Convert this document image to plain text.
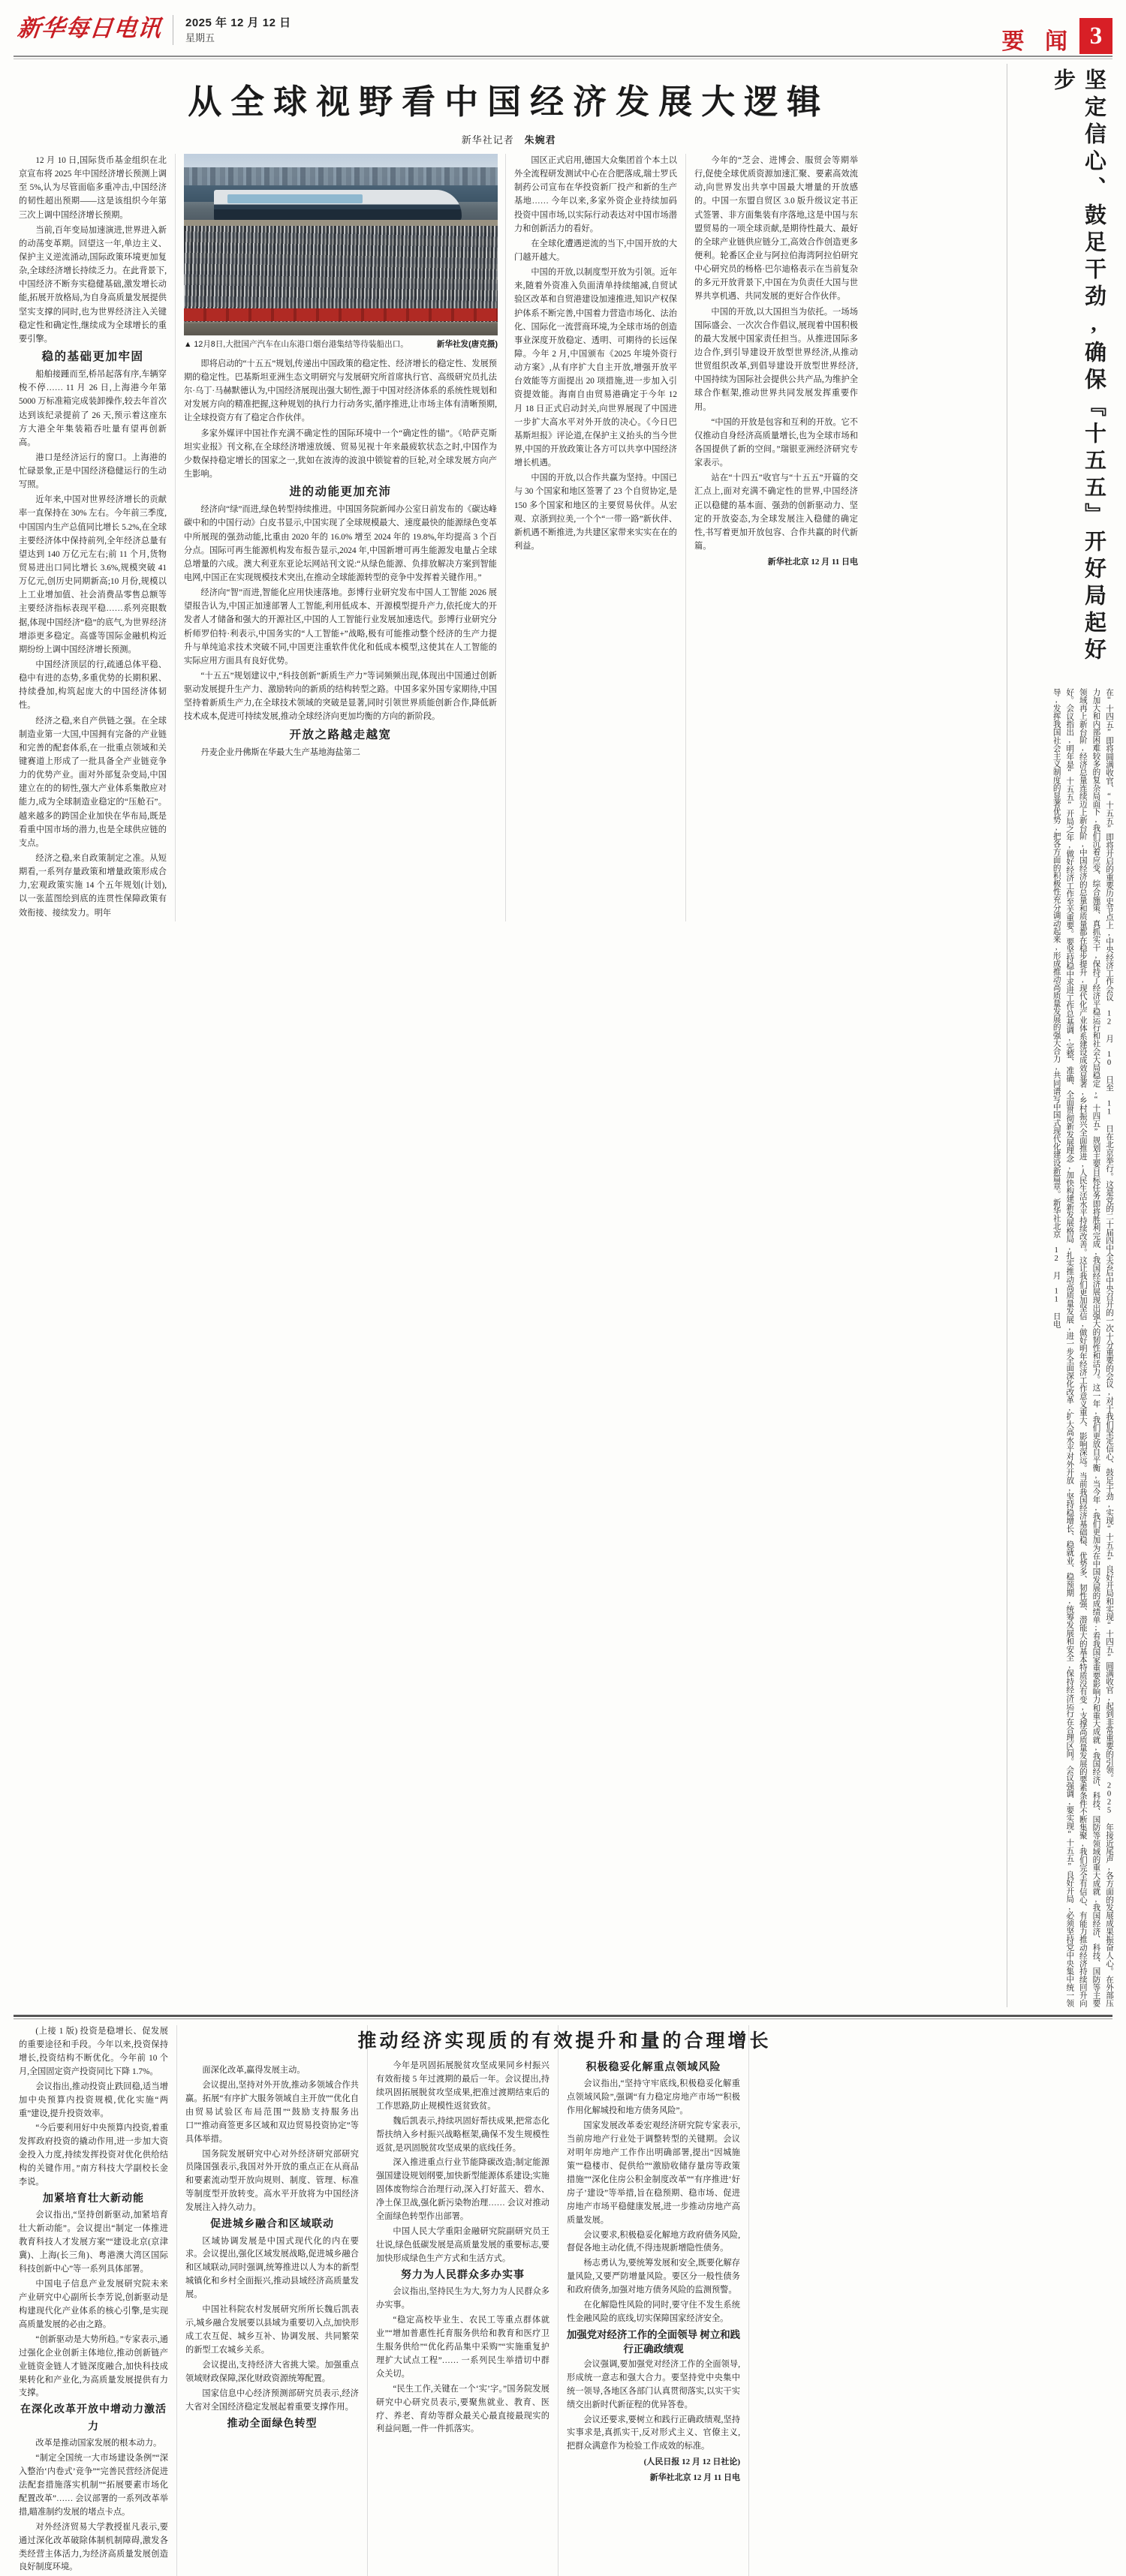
新华每日电讯	2025 年 12 月 12 日
星期五	要 闻 3
从全球视野看中国经济发展大逻辑
新华社记者 朱婉君

12 月 10 日,国际货币基金组织在北京宣布将 2025 年中国经济增长预测上调至 5%,认为尽管面临多重冲击,中国经济的韧性超出预期——这是该组织今年第三次上调中国经济增长预期。

当前,百年变局加速演进,世界进入新的动荡变革期。回望这一年,单边主义、保护主义逆流涌动,国际政策环境更加复杂,全球经济增长持续乏力。在此背景下,中国经济不断夯实稳健基础,激发增长动能,拓展开放格局,为自身高质量发展提供坚实支撑的同时,也为世界经济注入关键稳定性和确定性,继续成为全球增长的重要引擎。

稳的基础更加牢固

船舶接踵而至,桥吊起落有序,车辆穿梭不停…… 11 月 26 日,上海港今年第 5000 万标准箱完成装卸操作,较去年首次达到该纪录提前了 26 天,预示着这座东方大港全年集装箱吞吐量有望再创新高。

港口是经济运行的窗口。上海港的忙碌景象,正是中国经济稳健运行的生动写照。

近年来,中国对世界经济增长的贡献率一直保持在 30% 左右。今年前三季度,中国国内生产总值同比增长 5.2%,在全球主要经济体中保持前列,全年经济总量有望达到 140 万亿元左右;前 11 个月,货物贸易进出口同比增长 3.6%,规模突破 41 万亿元,创历史同期新高;10 月份,规模以上工业增加值、社会消费品零售总额等主要经济指标表现平稳……系列亮眼数据,体现中国经济“稳”的底气,为世界经济增添更多稳定。高盛等国际金融机构近期纷纷上调中国经济增长预测。

中国经济顶层的行,疏通总体平稳、稳中有进的态势,多重优势的长期积累、持续叠加,构筑起庞大的中国经济体韧性。

经济之稳,来自产供链之强。在全球制造业第一大国,中国拥有完备的产业链和完善的配套体系,在一批重点领域和关键赛道上形成了一批具备全产业链竞争力的优势产业。面对外部复杂变局,中国建立在的的韧性,强大产业体系集散应对能力,成为全球制造业稳定的“压舱石”。越来越多的跨国企业加快在华布局,既是看重中国市场的潜力,也是全球供应链的支点。

经济之稳,来自政策制定之准。从短期看,一系列存量政策和增量政策形成合力,宏观政策实施 14 个五年规划(计划),以一张蓝图绘到底的连贯性保障政策有效衔接、接续发力。明年

▲ 12月8日,大批国产汽车在山东港口烟台港集结等待装船出口。	新华社发(唐克摄)

即将启动的“十五五”规划,传递出中国政策的稳定性、经济增长的稳定性、发展预期的稳定性。巴基斯坦亚洲生态文明研究与发展研究所首席执行官、高级研究员扎法尔·乌丁·马赫默德认为,中国经济展现出强大韧性,源于中国对经济体系的系统性规划和对发展方向的精准把握,这种规划的执行力行动务实,循序推进,让市场主体有清晰预期,让全球投资方有了稳定合作伙伴。

多家外媒评中国社作充满不确定性的国际环境中一个“确定性的锚”。《哈萨克斯坦实业报》刊文称,在全球经济增速放缓、贸易见视十年来最疲软状态之时,中国作为少数保持稳定增长的国家之一,犹如在波涛的波浪中锁锭着的巨轮,对全球发展方向产生影响。

进的动能更加充沛

经济向“绿”而进,绿色转型持续推进。中国国务院新闻办公室日前发布的《碳达峰碳中和的中国行动》白皮书显示,中国实现了全球规模最大、速度最快的能源绿色变革中所展现的强劲动能,比重由 2020 年的 16.0% 增至 2024 年的 19.8%,年均提高 3 个百分点。国际可再生能源机构发布报告显示,2024 年,中国新增可再生能源发电量占全球总增量的六成。澳大利亚东亚论坛网站刊文说:“从绿色能源、负排放解决方案到智能电网,中国正在实现规模技术突出,在推动全球能源转型的竞争中发挥着关键作用。”

经济向“智”而进,智能化应用快速落地。彭博行业研究发布中国人工智能 2026 展望报告认为,中国正加速部署人工智能,利用低成本、开源模型提升产力,依托庞大的开发者人才储备和强大的开源社区,中国的人工智能行业发展加速迭代。彭博行业研究分析师罗伯特·利表示,中国务实的“人工智能+”战略,极有可能推动整个经济的生产力提升与单纯追求技术突破不同,中国更注重软件优化和低成本模型,这使其在人工智能的实际应用方面具有良好优势。

“十五五”规划建议中,“科技创新”新质生产力”等词频频出现,体现出中国通过创新驱动发展提升生产力、激励转向的新质的结构转型之路。中国多家外国专家期待,中国坚持着新质生产力,在全球技术领域的突破是显著,同时引领世界质能创新合作,降低新技术成本,促进可持续发展,推动全球经济向更加均衡的方向的新阶段。

开放之路越走越宽

丹麦企业丹佛斯在华最大生产基地海盐第二

国区正式启用,德国大众集团首个本土以外全流程研发测试中心在合肥落成,瑞士罗氏制药公司宣布在华投资新厂投产和新的生产基地…… 今年以来,多家外资企业持续加码投资中国市场,以实际行动表达对中国市场潜力和创新活力的看好。

在全球化遭遇逆流的当下,中国开放的大门越开越大。

中国的开放,以制度型开放为引领。近年来,随着外资准入负面清单持续缩减,自贸试验区改革和自贸港建设加速推进,知识产权保护体系不断完善,中国着力营造市场化、法治化、国际化一流营商环境,为全球市场的创造事业深度开放稳定、透明、可期待的长远保障。今年 2 月,中国颁布《2025 年境外资行动方案》,从有序扩大自主开放,增强开放平台效能等方面提出 20 项措施,进一步加入引资提效能。海南自由贸易港确定于今年 12 月 18 日正式启动封关,向世界展现了中国进一步扩大高水平对外开放的决心。《今日巴基斯坦报》评论道,在保护主义抬头的当今世界,中国的开放政策让各方可以共享中国经济增长机遇。

中国的开放,以合作共赢为坚持。中国已与 30 个国家和地区签署了 23 个自贸协定,是 150 多个国家和地区的主要贸易伙伴。从宏观、京浙到拉美,一个个“一带一路”新伙伴、新机遇不断推进,为共建区家带来实实在在的利益。

今年的“芝会、进博会、服贸会等期举行,促使全球优质资源加速汇聚、要素高效流动,向世界发出共享中国最大增量的开放感的。中国一东盟自贸区 3.0 版升级议定书正式签署、非方面集装有序落地,这是中国与东盟贸易的一项全球贡献,是期待性最大、最好的全球产业链供应链分工,高效合作创造更多便利。轮番区企业与阿拉伯海湾阿拉伯研究中心研究员的杨格·巴尔迪格表示在当前复杂的多元开放背景下,中国在为负责任大国与世界共享机遇、共同发展的更好合作伙伴。

中国的开放,以大国担当为依托。一场场国际盛会、一次次合作倡议,展现着中国积极的最大发展中国家责任担当。从推进国际多边合作,到引导建设开放型世界经济,从推动世贸组织改革,到倡导建设开放型世界经济,中国持续为国际社会提供公共产品,为维护全球合作框架,推动世界共同发展发挥重要作用。

“中国的开放是包容和互利的开放。它不仅推动自身经济高质量增长,也为全球市场和各国提供了新的空间。”瑞银亚洲经济研究专家表示。

站在“十四五”收官与“十五五”开篇的交汇点上,面对充满不确定性的世界,中国经济正以稳健的基本面、强劲的创新驱动力、坚定的开放姿态,为全球发展注入稳健的确定性,书写着更加开放包容、合作共赢的时代新篇。

新华社北京 12 月 11 日电	坚定信心、鼓足干劲,确保『十五五』开好局起好步
在“十四五”即将圆满收官、“十五五”即将开启的重要历史节点上,中央经济工作会议 12 月 10 日至 11 日在北京举行。这是党的二十届四中全会后中央召开的一次十分重要的会议,对于我们坚定信心、鼓足干劲,实现“十五五”良好开局和实现“十四五”圆满收官,起到非常重要的引领。2025 年接近尾声,各方面的发展成果振奋人心。在外部压力加大和内部困难较多的复杂局面下,我们沉着应变、综合施策、真抓实干,保持了经济平稳运行和社会大局稳定,“十四五”规划主要目标任务即将胜利完成,我国经济展现出强大的韧性和活力。这一年,我们更放自平衡,当今年,我们更加为在中国发展的成绩单;看我国家重要影响力和重大成就,我国经济、科技、国防等领域的重大成就,我国经济、科技、国防等主要领域再上新台阶,经济总量连续迈上新台阶,中国经济的总量和质量都在稳步提升,现代化产业体系建设成效显著,乡村振兴全面推进,人民生活水平持续改善。这让我们更加坚信,做好明年经济工作意义重大、影响深远。当前我国经济基础稳、优势多、韧性强、潜能大的基本特质没有变,支撑高质量发展的要素条件不断集聚,我们完全有信心、有能力推动经济持续回升向好。会议指出,明年是“十五五”开局之年,做好经济工作至关重要。要坚持稳中求进工作总基调,完整、准确、全面贯彻新发展理念,加快构建新发展格局,扎实推动高质量发展,进一步全面深化改革,扩大高水平对外开放,坚持稳增长、稳就业、稳预期,统筹发展和安全,保持经济运行在合理区间。会议强调,要实现“十五五”良好开局,必须坚持党中央集中统一领导,发挥我国社会主义制度的显著优势,把各方面的积极性充分调动起来,形成推动高质量发展的强大合力,共同谱写中国式现代化建设新篇章。新华社北京 12 月 11 日电

(上接 1 版) 投资是稳增长、促发展的重要途径和手段。今年以来,投资保持增长,投资结构不断优化。今年前 10 个月,全国固定资产投资同比下降 1.7%。

会议指出,推动投资止跌回稳,适当增加中央预算内投资规模,优化实施“两重”建设,提升投资效率。

“今后要利用好中央预算内投资,着重发挥政府投资的撬动作用,进一步加大资金投入力度,持续发挥投资对优化供给结构的关键作用。”南方科技大学副校长金李说。

加紧培育壮大新动能

会议指出,“坚持创新驱动,加紧培育壮大新动能”。会议提出“制定一体推进教育科技人才发展方案”“建设北京(京津冀)、上海(长三角)、粤港澳大湾区国际科技创新中心”等一系列具体部署。

中国电子信息产业发展研究院未来产业研究中心副所长李芳说,创新驱动是构建现代化产业体系的核心引擎,是实现高质量发展的必由之路。

“创新驱动是大势所趋。”专家表示,通过强化企业创新主体地位,推动创新链产业链资金链人才链深度融合,加快科技成果转化和产业化,为高质量发展提供有力支撑。

在深化改革开放中增动力激活力

改革是推动国家发展的根本动力。

“制定全国统一大市场建设条例”“深入整治‘内卷式’竞争”“完善民营经济促进法配套措施落实机制”“拓展要素市场化配置改革”…… 会议部署的一系列改革举措,瞄准制约发展的堵点卡点。

对外经济贸易大学教授崔凡表示,要通过深化改革破除体制机制障碍,激发各类经营主体活力,为经济高质量发展创造良好制度环境。

推动经济实现质的有效提升和量的合理增长

面深化改革,赢得发展主动。

会议提出,坚持对外开放,推动多领域合作共赢。拓展“有序扩大服务领域自主开放”“优化自由贸易试验区布局范围”“鼓励支持服务出口”“推动商签更多区域和双边贸易投资协定”等具体举措。

国务院发展研究中心对外经济研究部研究员隆国强表示,我国对外开放的重点正在从商品和要素流动型开放向规则、制度、管理、标准等制度型开放转变。高水平开放将为中国经济发展注入持久动力。

促进城乡融合和区域联动

区域协调发展是中国式现代化的内在要求。会议提出,强化区域发展战略,促进城乡融合和区域联动,同时强调,统筹推进以人为本的新型城镇化和乡村全面振兴,推动县域经济高质量发展。

中国社科院农村发展研究所所长魏后凯表示,城乡融合发展要以县域为重要切入点,加快形成工农互促、城乡互补、协调发展、共同繁荣的新型工农城乡关系。

会议提出,支持经济大省挑大梁。加强重点领域财政保障,深化财政资源统筹配置。

国家信息中心经济预测部研究员表示,经济大省对全国经济稳定发展起着重要支撑作用。

推动全面绿色转型

今年是巩固拓展脱贫攻坚成果同乡村振兴有效衔接 5 年过渡期的最后一年。会议提出,持续巩固拓展脱贫攻坚成果,把准过渡期结束后的工作思路,防止规模性返贫致贫。

魏后凯表示,持续巩固好帮扶成果,把常态化帮扶纳入乡村振兴战略框架,确保不发生规模性返贫,是巩固脱贫攻坚成果的底线任务。

深入推进重点行业节能降碳改造;制定能源强国建设规划纲要,加快新型能源体系建设;实施固体废物综合治理行动,深入打好蓝天、碧水、净土保卫战,强化新污染物治理…… 会议对推动全面绿色转型作出部署。

中国人民大学重阳金融研究院副研究员王壮说,绿色低碳发展是高质量发展的重要标志,要加快形成绿色生产方式和生活方式。

努力为人民群众多办实事

会议指出,坚持民生为大,努力为人民群众多办实事。

“稳定高校毕业生、农民工等重点群体就业”“增加普惠性托育服务供给和教育和医疗卫生服务供给”“优化药品集中采购”“实施重复护理扩大试点工程”…… 一系列民生举措切中群众关切。

“民生工作,关键在一个‘实’字。”国务院发展研究中心研究员表示,要聚焦就业、教育、医疗、养老、育幼等群众最关心最直接最现实的利益问题,一件一件抓落实。

积极稳妥化解重点领域风险

会议指出,“坚持守牢底线,积极稳妥化解重点领域风险”,强调“有力稳定房地产市场”“积极作用化解城投和地方债务风险”。

国家发展改革委宏观经济研究院专家表示,当前房地产行业处于调整转型的关键期。会议对明年房地产工作作出明确部署,提出“因城施策”“稳楼市、促供给”“激励收储存量房等政策措施”“深化住房公积金制度改革”“有序推进‘好房子’建设”等举措,旨在稳预期、稳市场、促进房地产市场平稳健康发展,进一步推动房地产高质量发展。

会议要求,积极稳妥化解地方政府债务风险,督促各地主动化债,不得违规新增隐性债务。

杨志勇认为,要统筹发展和安全,既要化解存量风险,又要严防增量风险。要区分一般性债务和政府债务,加强对地方债务风险的监测预警。

在化解隐性风险的同时,要守住不发生系统性金融风险的底线,切实保障国家经济安全。

加强党对经济工作的全面领导 树立和践行正确政绩观

会议强调,要加强党对经济工作的全面领导,形成统一意志和强大合力。要坚持党中央集中统一领导,各地区各部门认真贯彻落实,以实干实绩交出新时代新征程的优异答卷。

会议还要求,要树立和践行正确政绩观,坚持实事求是,真抓实干,反对形式主义、官僚主义,把群众满意作为检验工作成效的标准。

(人民日报 12 月 12 日社论)
新华社北京 12 月 11 日电
